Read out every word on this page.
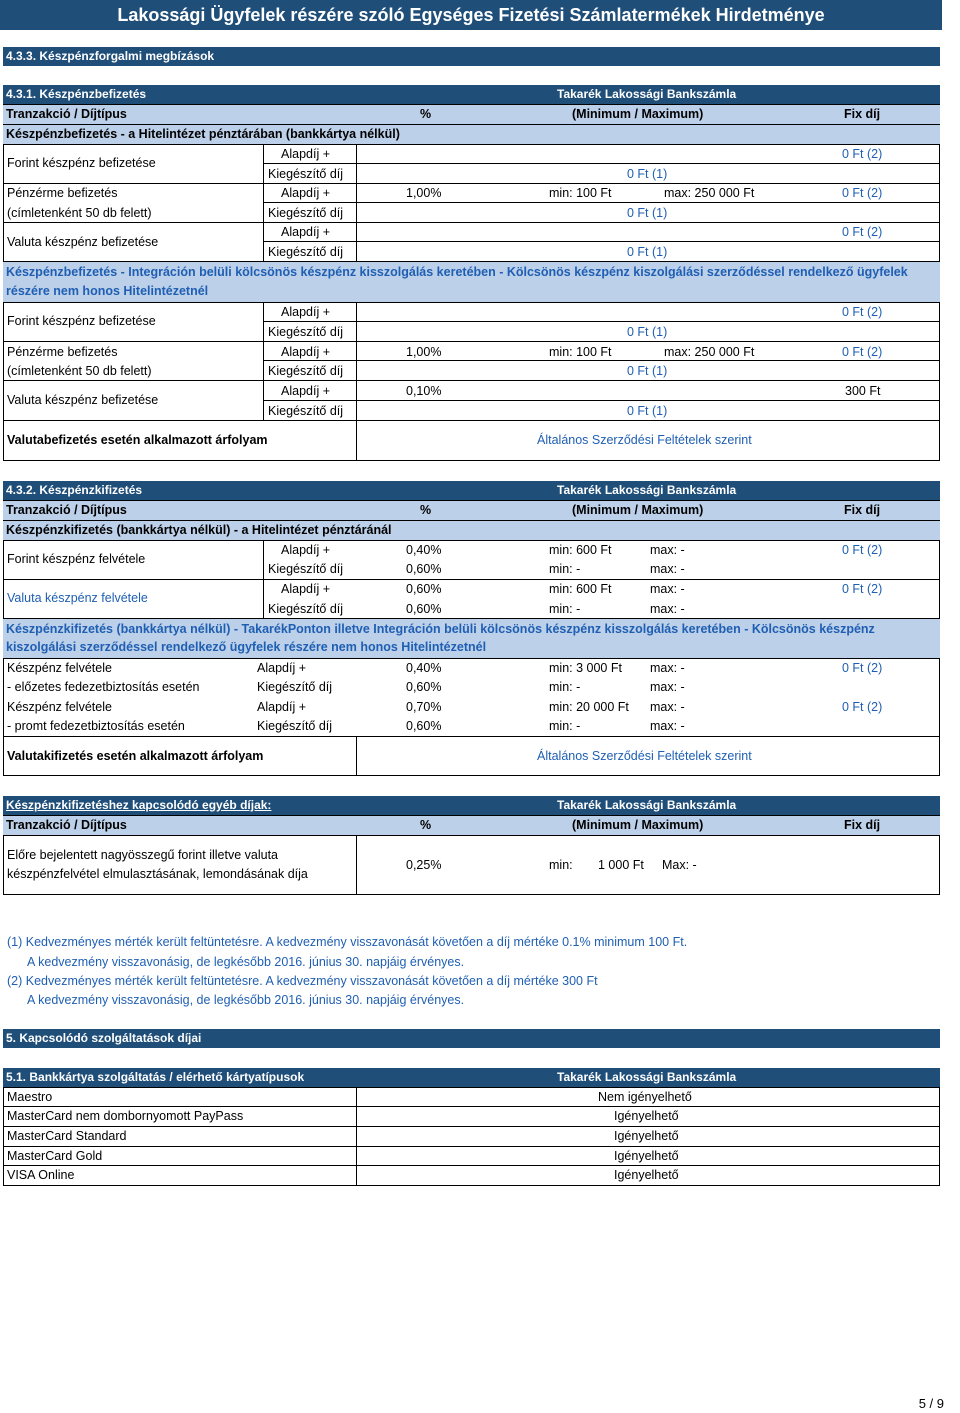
Lakossági Ügyfelek részére szóló Egységes Fizetési Számlatermékek Hirdetménye
4.3.3. Készpénzforgalmi megbízások
4.3.1. Készpénzbefizetés	Takarék Lakossági Bankszámla
Tranzakció / Díjtípus	%	(Minimum / Maximum)	Fix díj
Készpénzbefizetés - a Hitelintézet pénztárában (bankkártya nélkül)
Forint készpénz befizetése
Alapdíj +	0 Ft (2)
Kiegészítő díj	0 Ft (1)
Pénzérme befizetés
(címletenként 50 db felett)
Alapdíj +	1,00%	min: 100 Ft	max: 250 000 Ft	0 Ft (2)
Kiegészítő díj	0 Ft (1)
Valuta készpénz befizetése
Alapdíj +	0 Ft (2)
Kiegészítő díj	0 Ft (1)
Készpénzbefizetés - Integráción belüli kölcsönös készpénz kisszolgálás keretében - Kölcsönös készpénz kiszolgálási szerződéssel rendelkező ügyfelek
részére nem honos Hitelintézetnél
Forint készpénz befizetése
Alapdíj +	0 Ft (2)
Kiegészítő díj	0 Ft (1)
Pénzérme befizetés
(címletenként 50 db felett)
Alapdíj +	1,00%	min: 100 Ft	max: 250 000 Ft	0 Ft (2)
Kiegészítő díj	0 Ft (1)
Valuta készpénz befizetése
Alapdíj +	0,10%	300 Ft
Kiegészítő díj	0 Ft (1)
Valutabefizetés esetén alkalmazott árfolyam	Általános Szerződési Feltételek szerint
4.3.2. Készpénzkifizetés	Takarék Lakossági Bankszámla
Tranzakció / Díjtípus	%	(Minimum / Maximum)	Fix díj
Készpénzkifizetés (bankkártya nélkül) - a Hitelintézet pénztáránál
Forint készpénz felvétele
Alapdíj +	0,40%	min: 600 Ft	max: -	0 Ft (2)
Kiegészítő díj	0,60%	min: -	max: -
Valuta készpénz felvétele
Alapdíj +	0,60%	min: 600 Ft	max: -	0 Ft (2)
Kiegészítő díj	0,60%	min: -	max: -
Készpénzkifizetés (bankkártya nélkül) - TakarékPonton illetve Integráción belüli kölcsönös készpénz kisszolgálás keretében - Kölcsönös készpénz
kiszolgálási szerződéssel rendelkező ügyfelek részére nem honos Hitelintézetnél
Készpénz felvétele	Alapdíj +	0,40%	min: 3 000 Ft max: -	0 Ft (2)
- előzetes fedezetbiztosítás esetén	Kiegészítő díj	0,60%	min: -	max: -
Készpénz felvétele	Alapdíj +	0,70%	min: 20 000 Ft max: -	0 Ft (2)
- promt fedezetbiztosítás esetén	Kiegészítő díj	0,60%	min: -	max: -
Valutakifizetés esetén alkalmazott árfolyam	Általános Szerződési Feltételek szerint
Készpénzkifizetéshez kapcsolódó egyéb díjak:	Takarék Lakossági Bankszámla
Tranzakció / Díjtípus	%	(Minimum / Maximum)	Fix díj
Előre bejelentett nagyösszegű forint illetve valuta
készpénzfelvétel elmulasztásának, lemondásának díja
0,25%	min: 1 000 Ft Max: -
(1) Kedvezményes mérték került feltüntetésre. A kedvezmény visszavonását követően a díj mértéke 0.1% minimum 100 Ft.
A kedvezmény visszavonásig, de legkésőbb 2016. június 30. napjáig érvényes.
(2) Kedvezményes mérték került feltüntetésre. A kedvezmény visszavonását követően a díj mértéke 300 Ft
A kedvezmény visszavonásig, de legkésőbb 2016. június 30. napjáig érvényes.
5. Kapcsolódó szolgáltatások díjai
5.1. Bankkártya szolgáltatás / elérhető kártyatípusok	Takarék Lakossági Bankszámla
Maestro	Nem igényelhető
MasterCard nem dombornyomott PayPass	Igényelhető
MasterCard Standard	Igényelhető
MasterCard Gold	Igényelhető
VISA Online	Igényelhető
5 / 9
